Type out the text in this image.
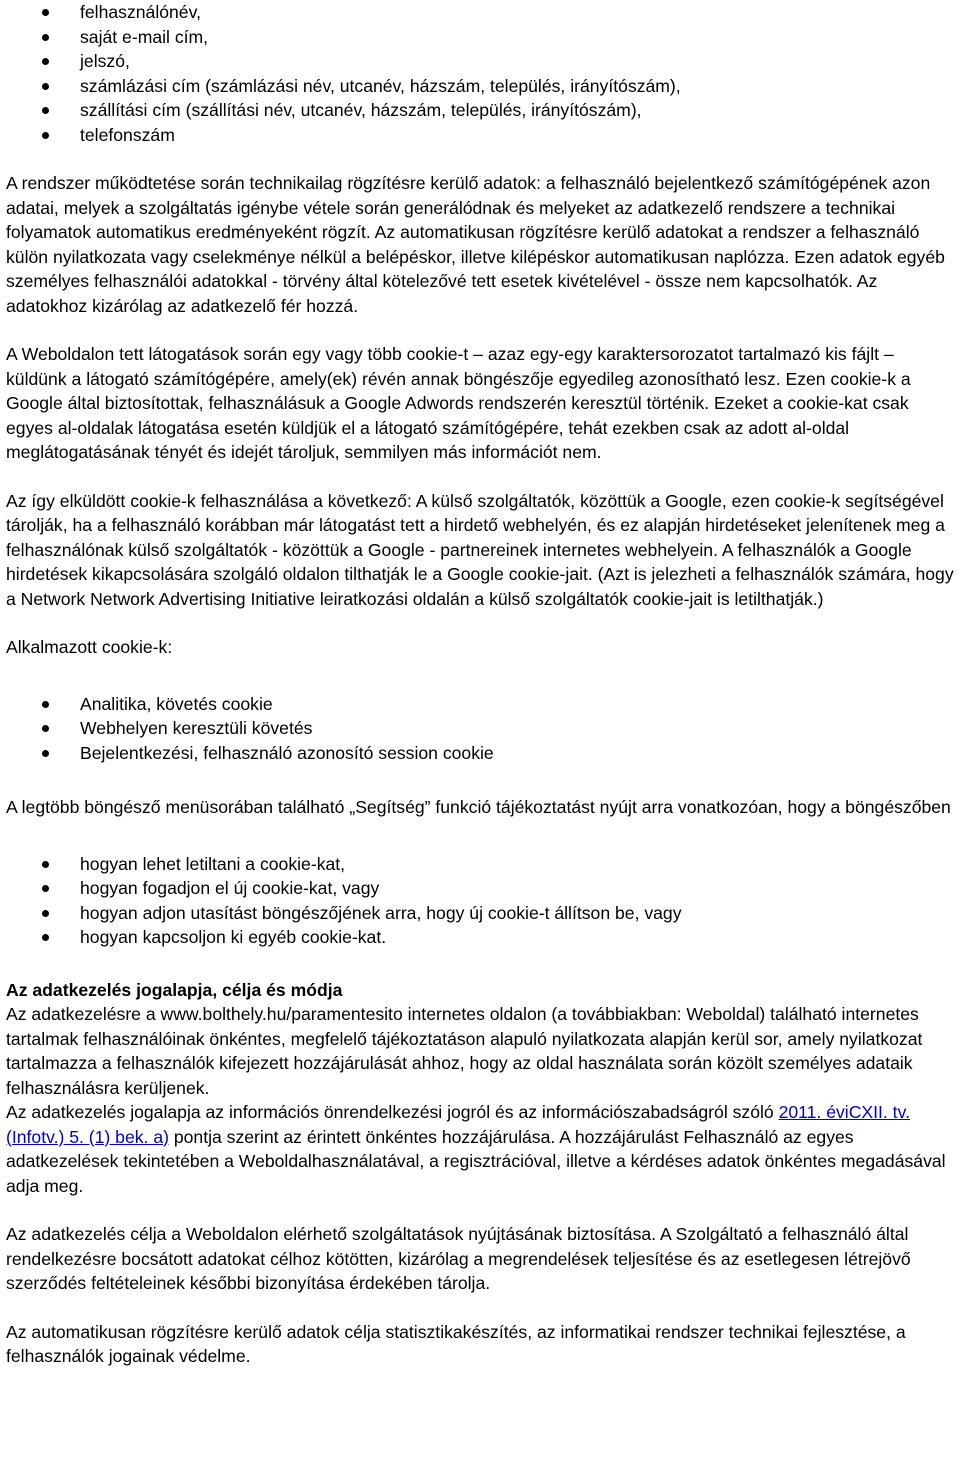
felhasználónév,
saját e-mail cím,
jelszó,
számlázási cím (számlázási név, utcanév, házszám, település, irányítószám),
szállítási cím (szállítási név, utcanév, házszám, település, irányítószám),
telefonszám

A rendszer működtetése során technikailag rögzítésre kerülő adatok: a felhasználó bejelentkező számítógépének azon adatai, melyek a szolgáltatás igénybe vétele során generálódnak és melyeket az adatkezelő rendszere a technikai folyamatok automatikus eredményeként rögzít. Az automatikusan rögzítésre kerülő adatokat a rendszer a felhasználó külön nyilatkozata vagy cselekménye nélkül a belépéskor, illetve kilépéskor automatikusan naplózza. Ezen adatok egyéb személyes felhasználói adatokkal - törvény által kötelezővé tett esetek kivételével - össze nem kapcsolhatók. Az adatokhoz kizárólag az adatkezelő fér hozzá.

A Weboldalon tett látogatások során egy vagy több cookie-t – azaz egy-egy karaktersorozatot tartalmazó kis fájlt – küldünk a látogató számítógépére, amely(ek) révén annak böngészője egyedileg azonosítható lesz. Ezen cookie-k a Google által biztosítottak, felhasználásuk a Google Adwords rendszerén keresztül történik. Ezeket a cookie-kat csak egyes al-oldalak látogatása esetén küldjük el a látogató számítógépére, tehát ezekben csak az adott al-oldal meglátogatásának tényét és idejét tároljuk, semmilyen más információt nem.

Az így elküldött cookie-k felhasználása a következő: A külső szolgáltatók, közöttük a Google, ezen cookie-k segítségével tárolják, ha a felhasználó korábban már látogatást tett a hirdető webhelyén, és ez alapján hirdetéseket jelenítenek meg a felhasználónak külső szolgáltatók - közöttük a Google - partnereinek internetes webhelyein. A felhasználók a Google hirdetések kikapcsolására szolgáló oldalon tilthatják le a Google cookie-jait. (Azt is jelezheti a felhasználók számára, hogy a Network Network Advertising Initiative leiratkozási oldalán a külső szolgáltatók cookie-jait is letilthatják.)

Alkalmazott cookie-k:

Analitika, követés cookie
Webhelyen keresztüli követés
Bejelentkezési, felhasználó azonosító session cookie

A legtöbb böngésző menüsorában található „Segítség” funkció tájékoztatást nyújt arra vonatkozóan, hogy a böngészőben

hogyan lehet letiltani a cookie-kat,
hogyan fogadjon el új cookie-kat, vagy
hogyan adjon utasítást böngészőjének arra, hogy új cookie-t állítson be, vagy
hogyan kapcsoljon ki egyéb cookie-kat.
Az adatkezelés jogalapja, célja és módja

Az adatkezelésre a www.bolthely.hu/paramentesito internetes oldalon (a továbbiakban: Weboldal) található internetes tartalmak felhasználóinak önkéntes, megfelelő tájékoztatáson alapuló nyilatkozata alapján kerül sor, amely nyilatkozat tartalmazza a felhasználók kifejezett hozzájárulását ahhoz, hogy az oldal használata során közölt személyes adataik felhasználásra kerüljenek.

Az adatkezelés jogalapja az információs önrendelkezési jogról és az információszabadságról szóló 2011. éviCXII. tv. (Infotv.) 5. (1) bek. a) pontja szerint az érintett önkéntes hozzájárulása. A hozzájárulást Felhasználó az egyes adatkezelések tekintetében a Weboldalhasználatával, a regisztrációval, illetve a kérdéses adatok önkéntes megadásával adja meg.

Az adatkezelés célja a Weboldalon elérhető szolgáltatások nyújtásának biztosítása. A Szolgáltató a felhasználó által rendelkezésre bocsátott adatokat célhoz kötötten, kizárólag a megrendelések teljesítése és az esetlegesen létrejövő szerződés feltételeinek későbbi bizonyítása érdekében tárolja.

Az automatikusan rögzítésre kerülő adatok célja statisztikakészítés, az informatikai rendszer technikai fejlesztése, a felhasználók jogainak védelme.
